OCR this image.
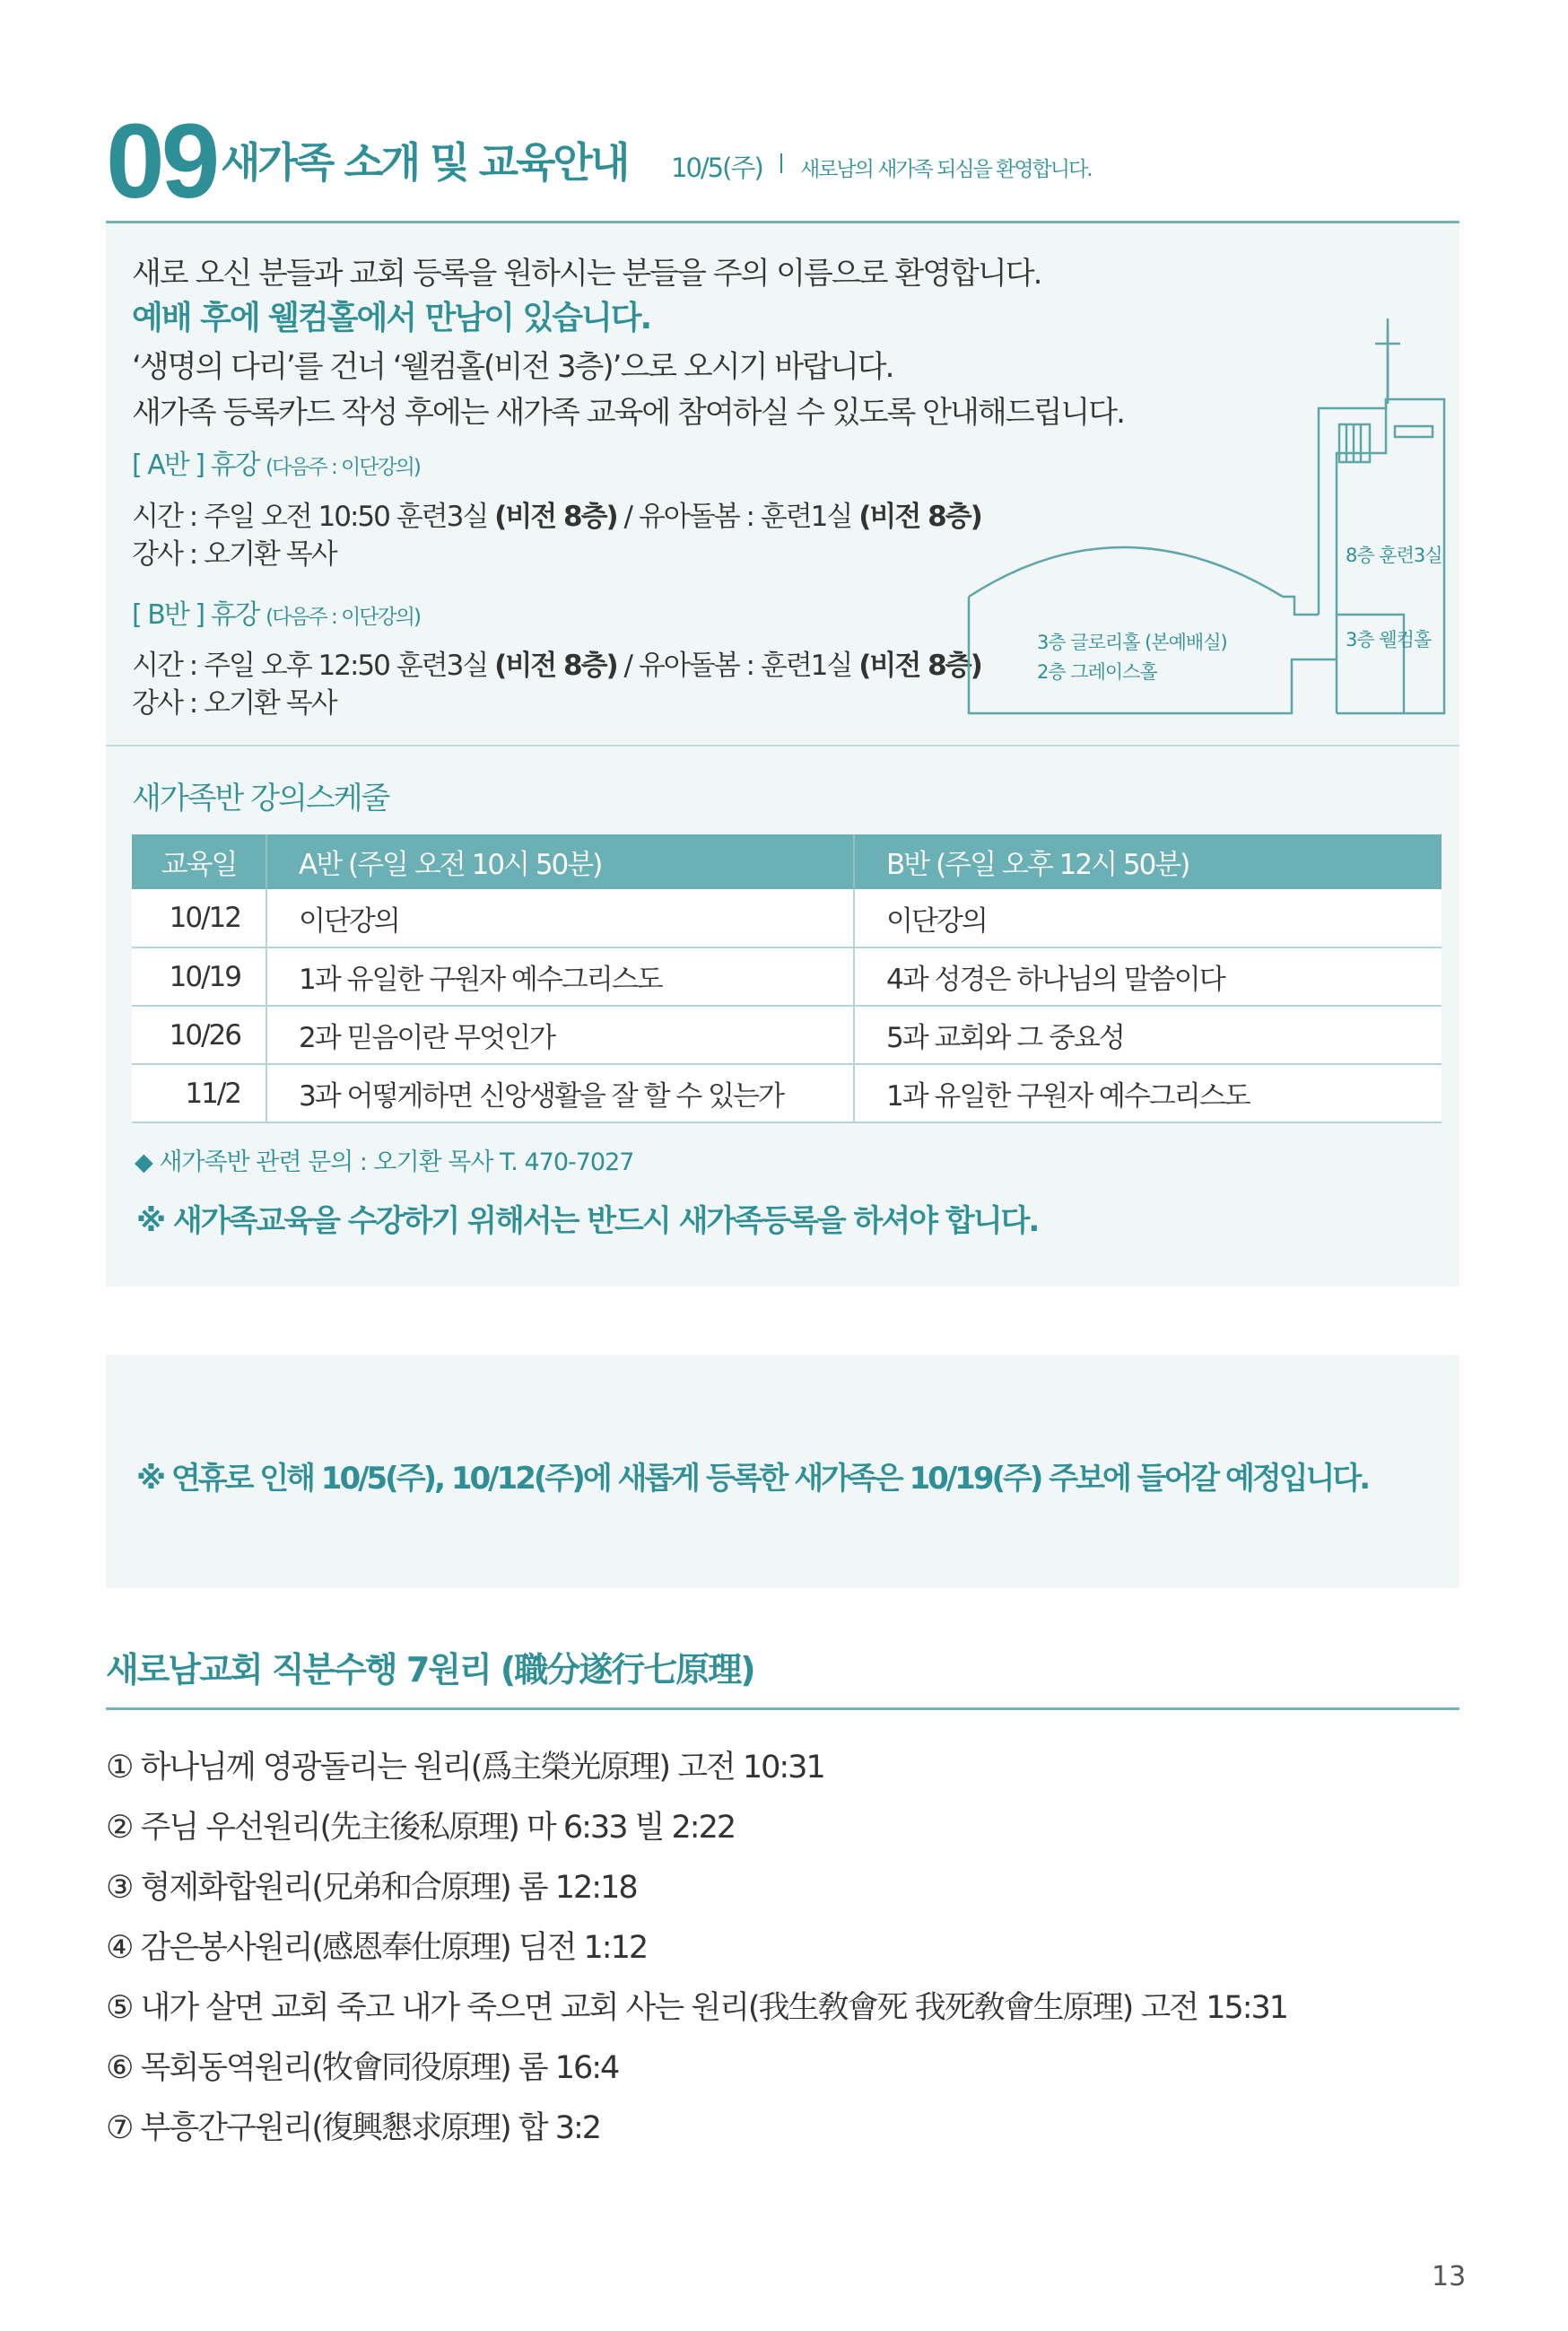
09 새가족 소개 및 교육안내 10/5(주) 새로남의 새가족 되심을 환영합니다.
새로 오신 분들과 교회 등록을 원하시는 분들을 주의 이름으로 환영합니다.
예배 후에 웰컴홀에서 만남이 있습니다.
‘생명의 다리’를 건너 ‘웰컴홀(비전 3층)’으로 오시기 바랍니다.
새가족 등록카드 작성 후에는 새가족 교육에 참여하실 수 있도록 안내해드립니다.
[ A반 ] 휴강 (다음주 : 이단강의)
시간 : 주일 오전 10:50 훈련3실 (비전 8층) / 유아돌봄 : 훈련1실 (비전 8층)
강사 : 오기환 목사
[ B반 ] 휴강 (다음주 : 이단강의)
시간 : 주일 오후 12:50 훈련3실 (비전 8층) / 유아돌봄 : 훈련1실 (비전 8층)
강사 : 오기환 목사
8층 훈련3실
3층 웰컴홀
3층 글로리홀 (본예배실)
2층 그레이스홀
새가족반 강의스케줄
교육일	A반 (주일 오전 10시 50분)	B반 (주일 오후 12시 50분)
10/12	이단강의	이단강의
10/19	1과 유일한 구원자 예수그리스도	4과 성경은 하나님의 말씀이다
10/26	2과 믿음이란 무엇인가	5과 교회와 그 중요성
11/2	3과 어떻게하면 신앙생활을 잘 할 수 있는가	1과 유일한 구원자 예수그리스도
◆ 새가족반 관련 문의 : 오기환 목사 T. 470-7027
※ 새가족교육을 수강하기 위해서는 반드시 새가족등록을 하셔야 합니다.
※ 연휴로 인해 10/5(주), 10/12(주)에 새롭게 등록한 새가족은 10/19(주) 주보에 들어갈 예정입니다.
새로남교회 직분수행 7원리 (職分遂行七原理)
① 하나님께 영광돌리는 원리(爲主榮光原理) 고전 10:31
② 주님 우선원리(先主後私原理) 마 6:33 빌 2:22
③ 형제화합원리(兄弟和合原理) 롬 12:18
④ 감은봉사원리(感恩奉仕原理) 딤전 1:12
⑤ 내가 살면 교회 죽고 내가 죽으면 교회 사는 원리(我生敎會死 我死敎會生原理) 고전 15:31
⑥ 목회동역원리(牧會同役原理) 롬 16:4
⑦ 부흥간구원리(復興懇求原理) 합 3:2
13
